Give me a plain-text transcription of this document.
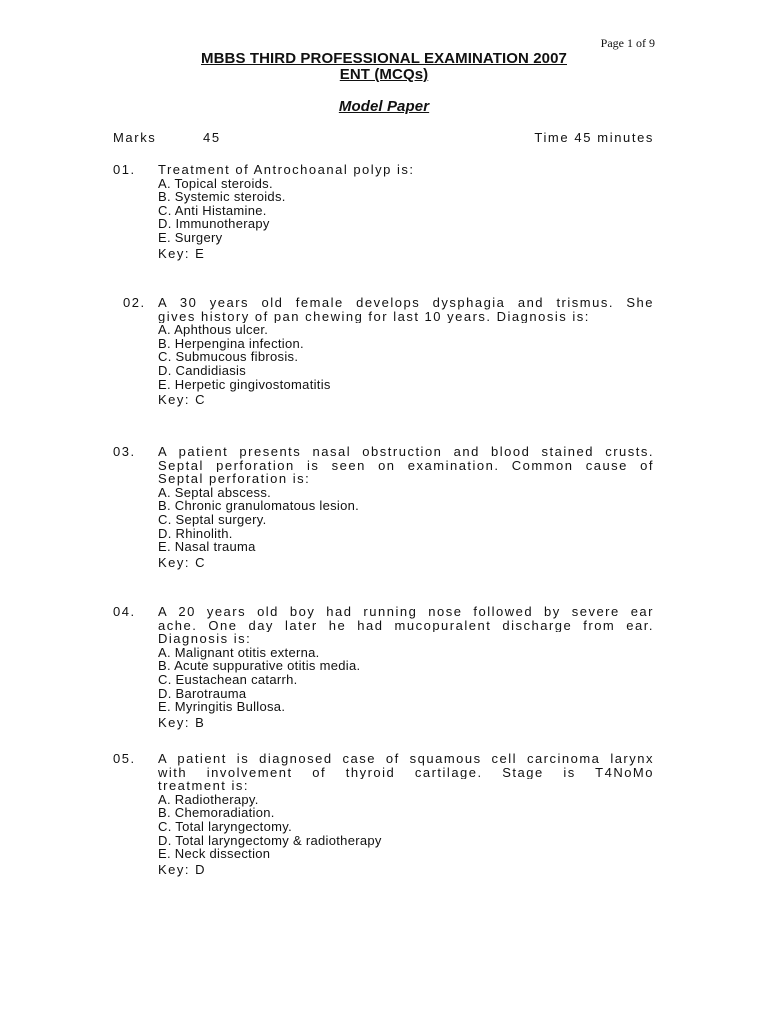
Page 1 of 9
MBBS THIRD PROFESSIONAL EXAMINATION 2007
ENT (MCQs)
Model Paper
Marks	45	Time 45 minutes
01. Treatment of Antrochoanal polyp is:
A. Topical steroids.
B. Systemic steroids.
C. Anti Histamine.
D. Immunotherapy
E. Surgery
Key: E
02. A 30 years old female develops dysphagia and trismus. She
gives history of pan chewing for last 10 years. Diagnosis is:
A. Aphthous ulcer.
B. Herpengina infection.
C. Submucous fibrosis.
D. Candidiasis
E. Herpetic gingivostomatitis
Key: C
03. A patient presents nasal obstruction and blood stained crusts.
Septal perforation is seen on examination. Common cause of
Septal perforation is:
A. Septal abscess.
B. Chronic granulomatous lesion.
C. Septal surgery.
D. Rhinolith.
E. Nasal trauma
Key: C
04. A 20 years old boy had running nose followed by severe ear
ache. One day later he had mucopuralent discharge from ear.
Diagnosis is:
A. Malignant otitis externa.
B. Acute suppurative otitis media.
C. Eustachean catarrh.
D. Barotrauma
E. Myringitis Bullosa.
Key: B
05. A patient is diagnosed case of squamous cell carcinoma larynx
with involvement of thyroid cartilage. Stage is T4NoMo
treatment is:
A. Radiotherapy.
B. Chemoradiation.
C. Total laryngectomy.
D. Total laryngectomy & radiotherapy
E. Neck dissection
Key: D
